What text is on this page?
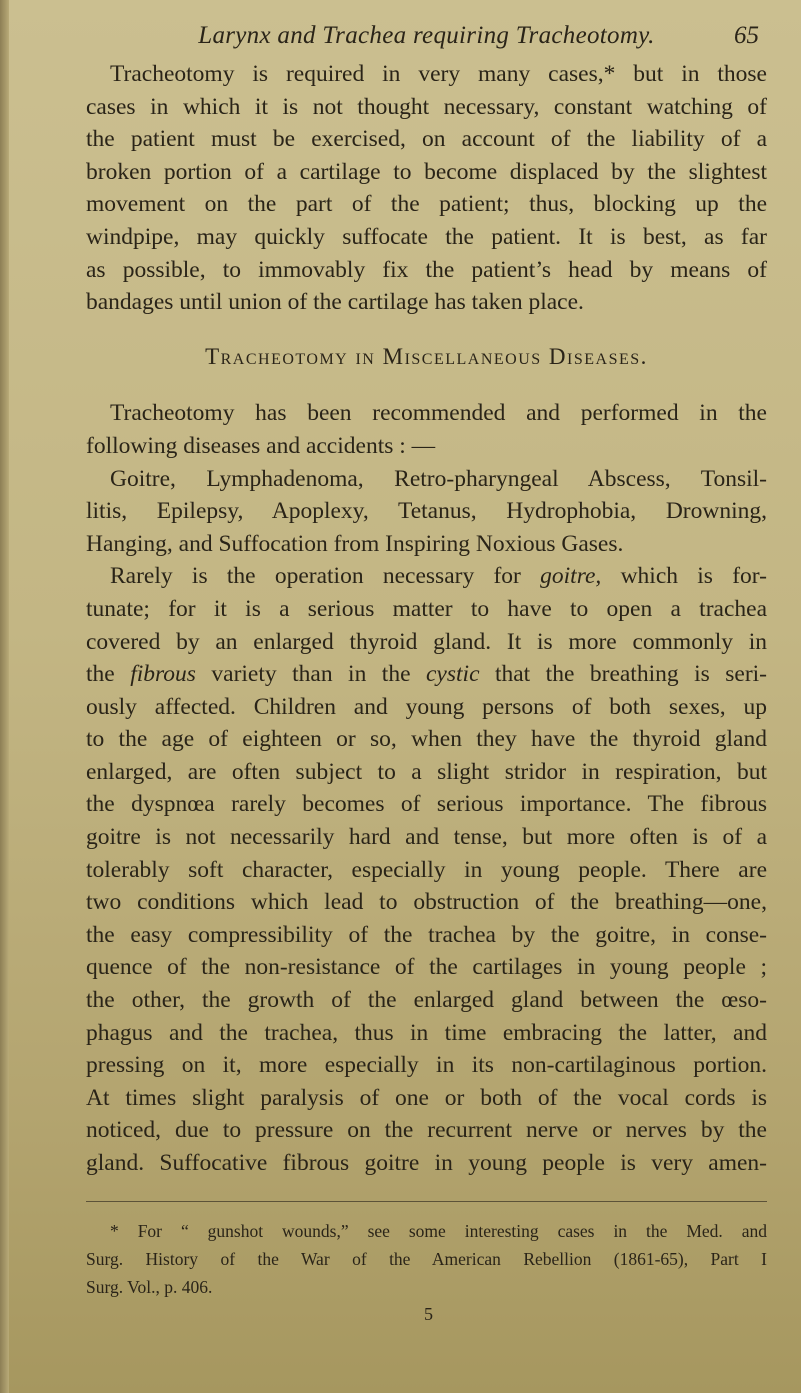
Larynx and Trachea requiring Tracheotomy.	65
Tracheotomy is required in very many cases,* but in those
cases in which it is not thought necessary, constant watching of
the patient must be exercised, on account of the liability of a
broken portion of a cartilage to become displaced by the slightest
movement on the part of the patient; thus, blocking up the
windpipe, may quickly suffocate the patient. It is best, as far
as possible, to immovably fix the patient’s head by means of
bandages until union of the cartilage has taken place.
Tracheotomy in Miscellaneous Diseases.
Tracheotomy has been recommended and performed in the
following diseases and accidents : —
Goitre, Lymphadenoma, Retro-pharyngeal Abscess, Tonsil-
litis, Epilepsy, Apoplexy, Tetanus, Hydrophobia, Drowning,
Hanging, and Suffocation from Inspiring Noxious Gases.
Rarely is the operation necessary for goitre, which is for-
tunate; for it is a serious matter to have to open a trachea
covered by an enlarged thyroid gland. It is more commonly in
the fibrous variety than in the cystic that the breathing is seri-
ously affected. Children and young persons of both sexes, up
to the age of eighteen or so, when they have the thyroid gland
enlarged, are often subject to a slight stridor in respiration, but
the dyspnœa rarely becomes of serious importance. The fibrous
goitre is not necessarily hard and tense, but more often is of a
tolerably soft character, especially in young people. There are
two conditions which lead to obstruction of the breathing—one,
the easy compressibility of the trachea by the goitre, in conse-
quence of the non-resistance of the cartilages in young people ;
the other, the growth of the enlarged gland between the œso-
phagus and the trachea, thus in time embracing the latter, and
pressing on it, more especially in its non-cartilaginous portion.
At times slight paralysis of one or both of the vocal cords is
noticed, due to pressure on the recurrent nerve or nerves by the
gland. Suffocative fibrous goitre in young people is very amen-
* For “ gunshot wounds,” see some interesting cases in the Med. and
Surg. History of the War of the American Rebellion (1861-65), Part I
Surg. Vol., p. 406.
5
